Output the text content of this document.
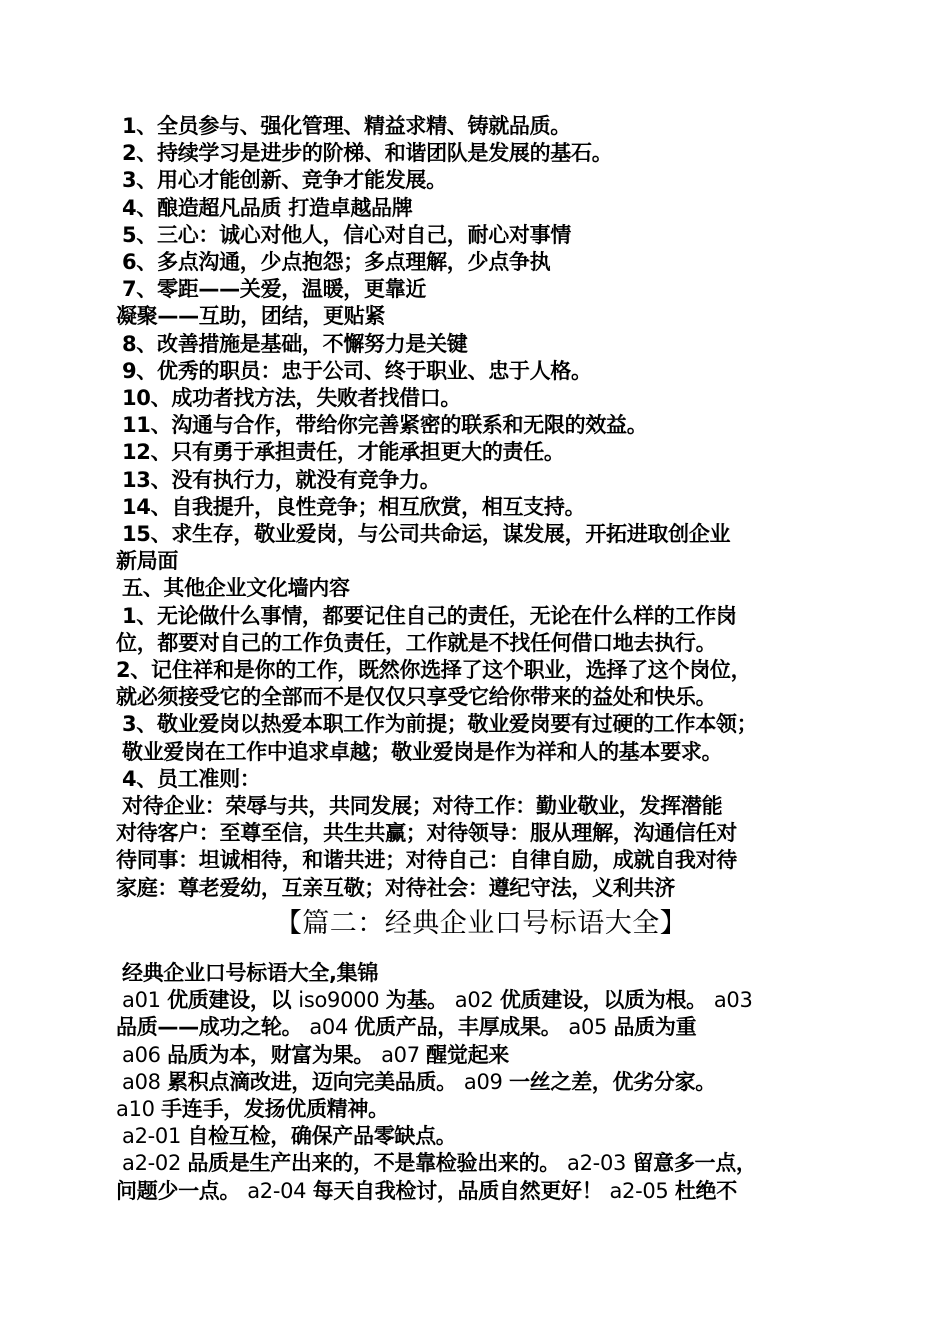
1、全员参与、强化管理、精益求精、铸就品质。
2、持续学习是进步的阶梯、和谐团队是发展的基石。
3、用心才能创新、竞争才能发展。
4、酿造超凡品质 打造卓越品牌
5、三心：诚心对他人，信心对自己，耐心对事情
6、多点沟通，少点抱怨；多点理解，少点争执
7、零距——关爱，温暖，更靠近
凝聚——互助，团结，更贴紧
8、改善措施是基础，不懈努力是关键
9、优秀的职员：忠于公司、终于职业、忠于人格。
10、成功者找方法，失败者找借口。
11、沟通与合作，带给你完善紧密的联系和无限的效益。
12、只有勇于承担责任，才能承担更大的责任。
13、没有执行力，就没有竞争力。
14、自我提升，良性竞争；相互欣赏，相互支持。
15、求生存，敬业爱岗，与公司共命运，谋发展，开拓进取创企业
新局面
五、其他企业文化墙内容
1、无论做什么事情，都要记住自己的责任，无论在什么样的工作岗
位，都要对自己的工作负责任，工作就是不找任何借口地去执行。
2、记住祥和是你的工作，既然你选择了这个职业，选择了这个岗位，
就必须接受它的全部而不是仅仅只享受它给你带来的益处和快乐。
3、敬业爱岗以热爱本职工作为前提；敬业爱岗要有过硬的工作本领；
敬业爱岗在工作中追求卓越；敬业爱岗是作为祥和人的基本要求。
4、员工准则：
对待企业：荣辱与共，共同发展；对待工作：勤业敬业，发挥潜能
对待客户：至尊至信，共生共赢；对待领导：服从理解，沟通信任对
待同事：坦诚相待，和谐共进；对待自己：自律自励，成就自我对待
家庭：尊老爱幼，互亲互敬；对待社会：遵纪守法，义利共济
【篇二：经典企业口号标语大全】
经典企业口号标语大全,集锦
a01 优质建设，以 iso9000 为基。 a02 优质建设，以质为根。 a03
品质——成功之轮。 a04 优质产品，丰厚成果。 a05 品质为重
a06 品质为本，财富为果。 a07 醒觉起来
a08 累积点滴改进，迈向完美品质。 a09 一丝之差，优劣分家。
a10 手连手，发扬优质精神。
a2-01 自检互检，确保产品零缺点。
a2-02 品质是生产出来的，不是靠检验出来的。 a2-03 留意多一点，
问题少一点。 a2-04 每天自我检讨，品质自然更好！ a2-05 杜绝不
